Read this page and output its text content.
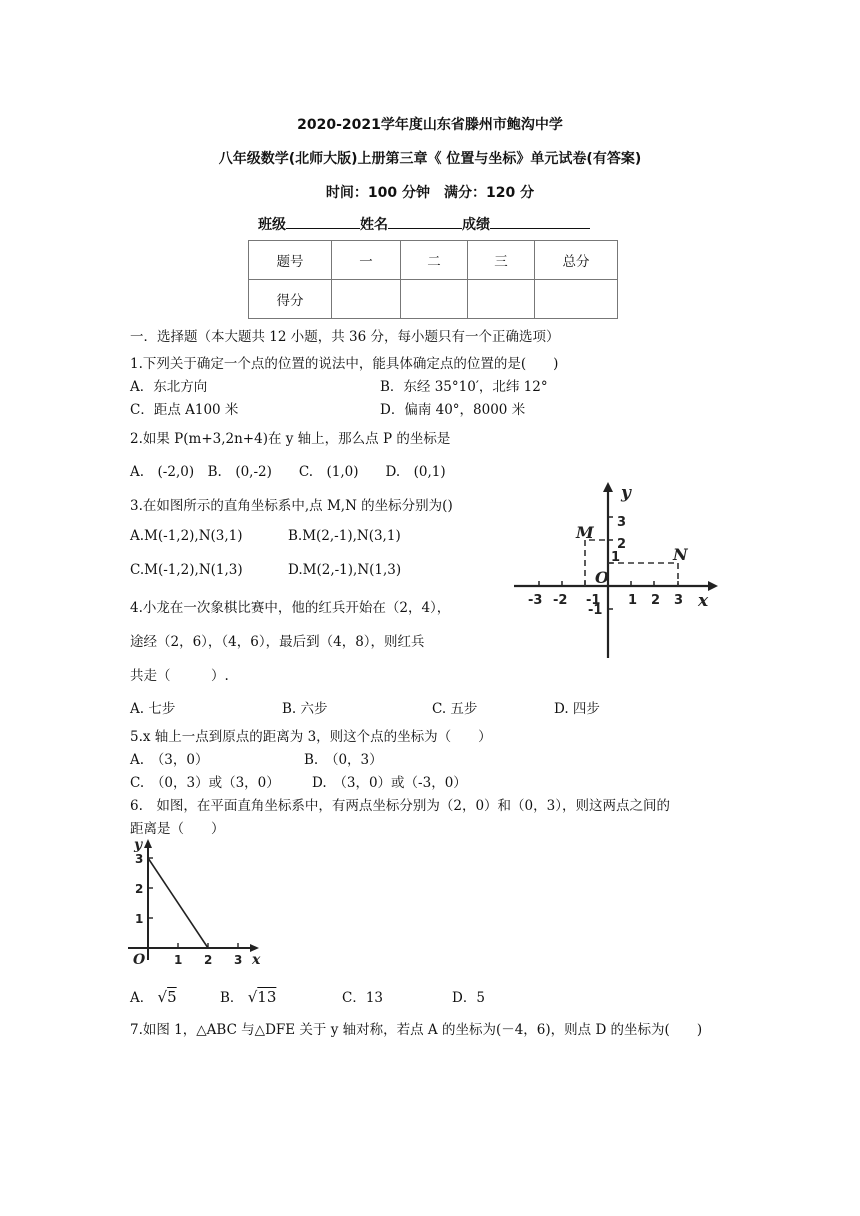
2020-2021学年度山东省滕州市鲍沟中学
八年级数学(北师大版)上册第三章《 位置与坐标》单元试卷(有答案)
时间：100 分钟　满分：120 分
班级	姓名	成绩
题号	一	二	三	总分
得分				
一．选择题（本大题共 12 小题，共 36 分，每小题只有一个正确选项）
1.下列关于确定一个点的位置的说法中，能具体确定点的位置的是(　　)
A．东北方向	B．东经 35°10′，北纬 12°
C．距点 A100 米	D．偏南 40°，8000 米
2.如果 P(m+3,2n+4)在 y 轴上，那么点 P 的坐标是
A.　(-2,0)　B.　(0,-2)　　C.　(1,0)　　D.　(0,1)
3.在如图所示的直角坐标系中,点 M,N 的坐标分别为()
A.M(-1,2),N(3,1)	B.M(2,-1),N(3,1)
C.M(-1,2),N(1,3)	D.M(2,-1),N(1,3)
y
x
O
M
N
3
2
1
-1
-3 -2 -1 1 2 3
4.小龙在一次象棋比赛中，他的红兵开始在（2，4），
途经（2，6），（4，6），最后到（4，8），则红兵
共走（　　　）.
A. 七步	B. 六步	C. 五步	D. 四步
5.x 轴上一点到原点的距离为 3，则这个点的坐标为（　　）
A.　（3，0）	B.　（0，3）
C.　（0，3）或（3，0） D.　（3，0）或（-3，0）
6.　如图，在平面直角坐标系中，有两点坐标分别为（2，0）和（0，3），则这两点之间的
距离是（　　）
y
x
O
3
2
1
1 2 3
A． √5	B． √13	C．13	D．5
7.如图 1，△ABC 与△DFE 关于 y 轴对称，若点 A 的坐标为(－4，6)，则点 D 的坐标为(　　)
